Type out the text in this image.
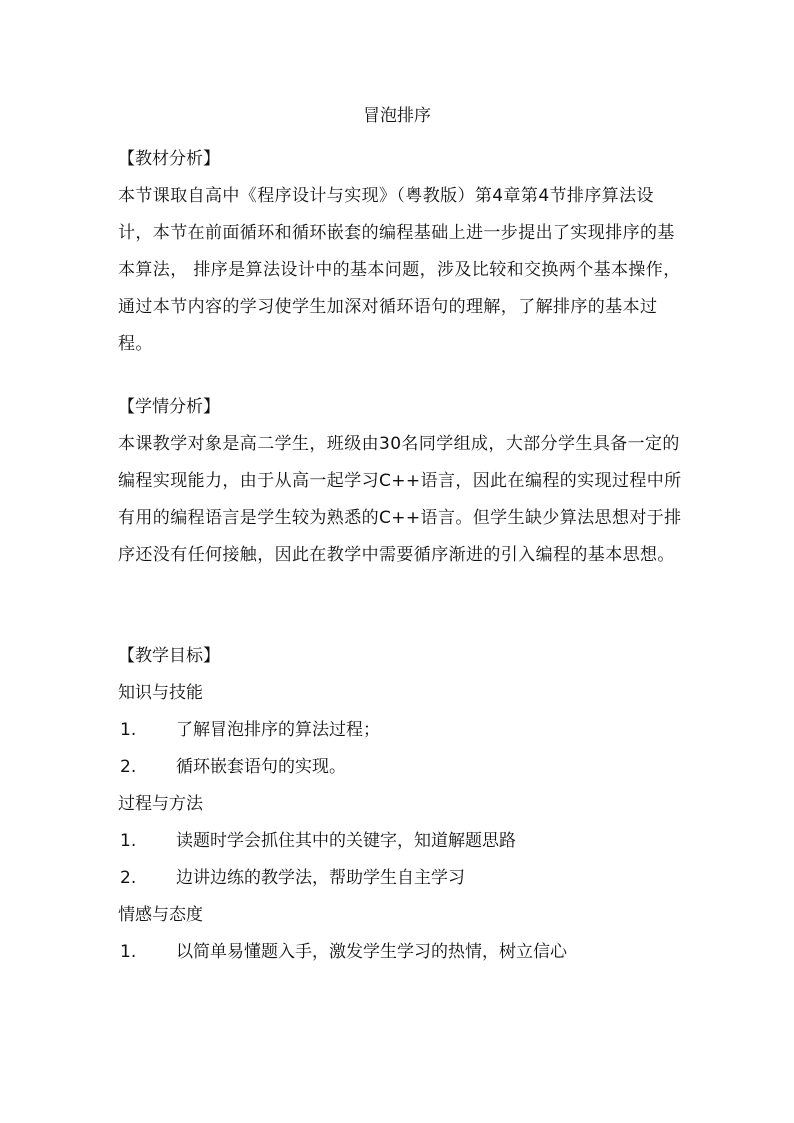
冒泡排序

【教材分析】

本节课取自高中《程序设计与实现》（粤教版）第4章第4节排序算法设计，本节在前面循环和循环嵌套的编程基础上进一步提出了实现排序的基本算法， 排序是算法设计中的基本问题，涉及比较和交换两个基本操作，通过本节内容的学习使学生加深对循环语句的理解，了解排序的基本过程。

【学情分析】

本课教学对象是高二学生，班级由30名同学组成，大部分学生具备一定的编程实现能力，由于从高一起学习C++语言，因此在编程的实现过程中所有用的编程语言是学生较为熟悉的C++语言。但学生缺少算法思想对于排序还没有任何接触，因此在教学中需要循序渐进的引入编程的基本思想。

【教学目标】

知识与技能

1. 了解冒泡排序的算法过程；
2. 循环嵌套语句的实现。

过程与方法

1. 读题时学会抓住其中的关键字，知道解题思路
2. 边讲边练的教学法，帮助学生自主学习

情感与态度

1. 以简单易懂题入手，激发学生学习的热情，树立信心
